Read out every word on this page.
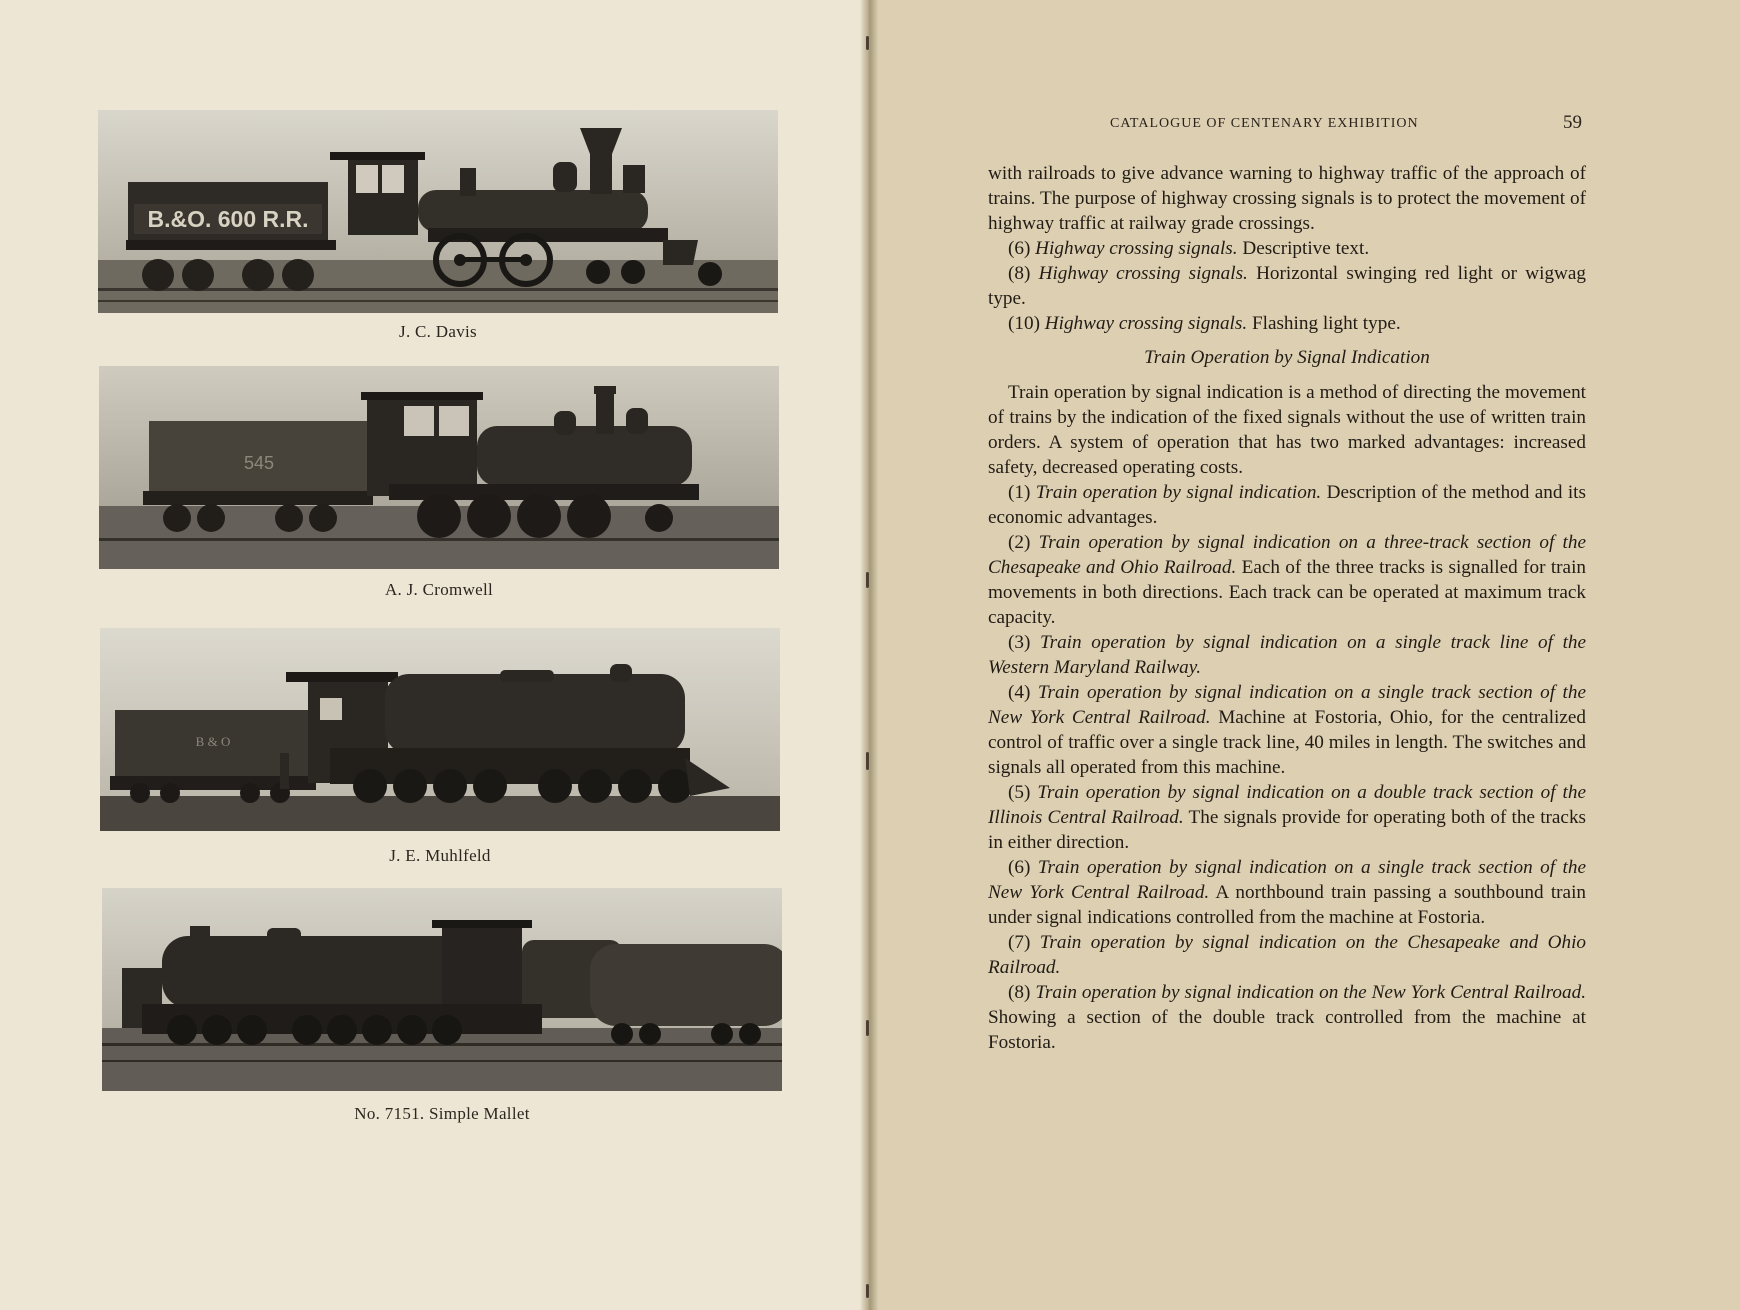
B.&O. 600 R.R.
J. C. Davis
545
A. J. Cromwell
B & O
J. E. Muhlfeld
No. 7151. Simple Mallet
CATALOGUE OF CENTENARY EXHIBITION	59

with railroads to give advance warning to highway traffic of the approach of trains. The purpose of highway crossing signals is to protect the movement of highway traffic at railway grade crossings.

(6) Highway crossing signals. Descriptive text.

(8) Highway crossing signals. Horizontal swinging red light or wigwag type.

(10) Highway crossing signals. Flashing light type.

Train Operation by Signal Indication

Train operation by signal indication is a method of directing the movement of trains by the indication of the fixed signals without the use of written train orders. A system of operation that has two marked advantages: increased safety, decreased operating costs.

(1) Train operation by signal indication. Description of the method and its economic advantages.

(2) Train operation by signal indication on a three-track section of the Chesapeake and Ohio Railroad. Each of the three tracks is signalled for train movements in both directions. Each track can be operated at maximum track capacity.

(3) Train operation by signal indication on a single track line of the Western Maryland Railway.

(4) Train operation by signal indication on a single track section of the New York Central Railroad. Machine at Fostoria, Ohio, for the centralized control of traffic over a single track line, 40 miles in length. The switches and signals all operated from this machine.

(5) Train operation by signal indication on a double track section of the Illinois Central Railroad. The signals provide for operating both of the tracks in either direction.

(6) Train operation by signal indication on a single track section of the New York Central Railroad. A northbound train passing a southbound train under signal indications controlled from the machine at Fostoria.

(7) Train operation by signal indication on the Chesapeake and Ohio Railroad.

(8) Train operation by signal indication on the New York Central Railroad. Showing a section of the double track controlled from the machine at Fostoria.
